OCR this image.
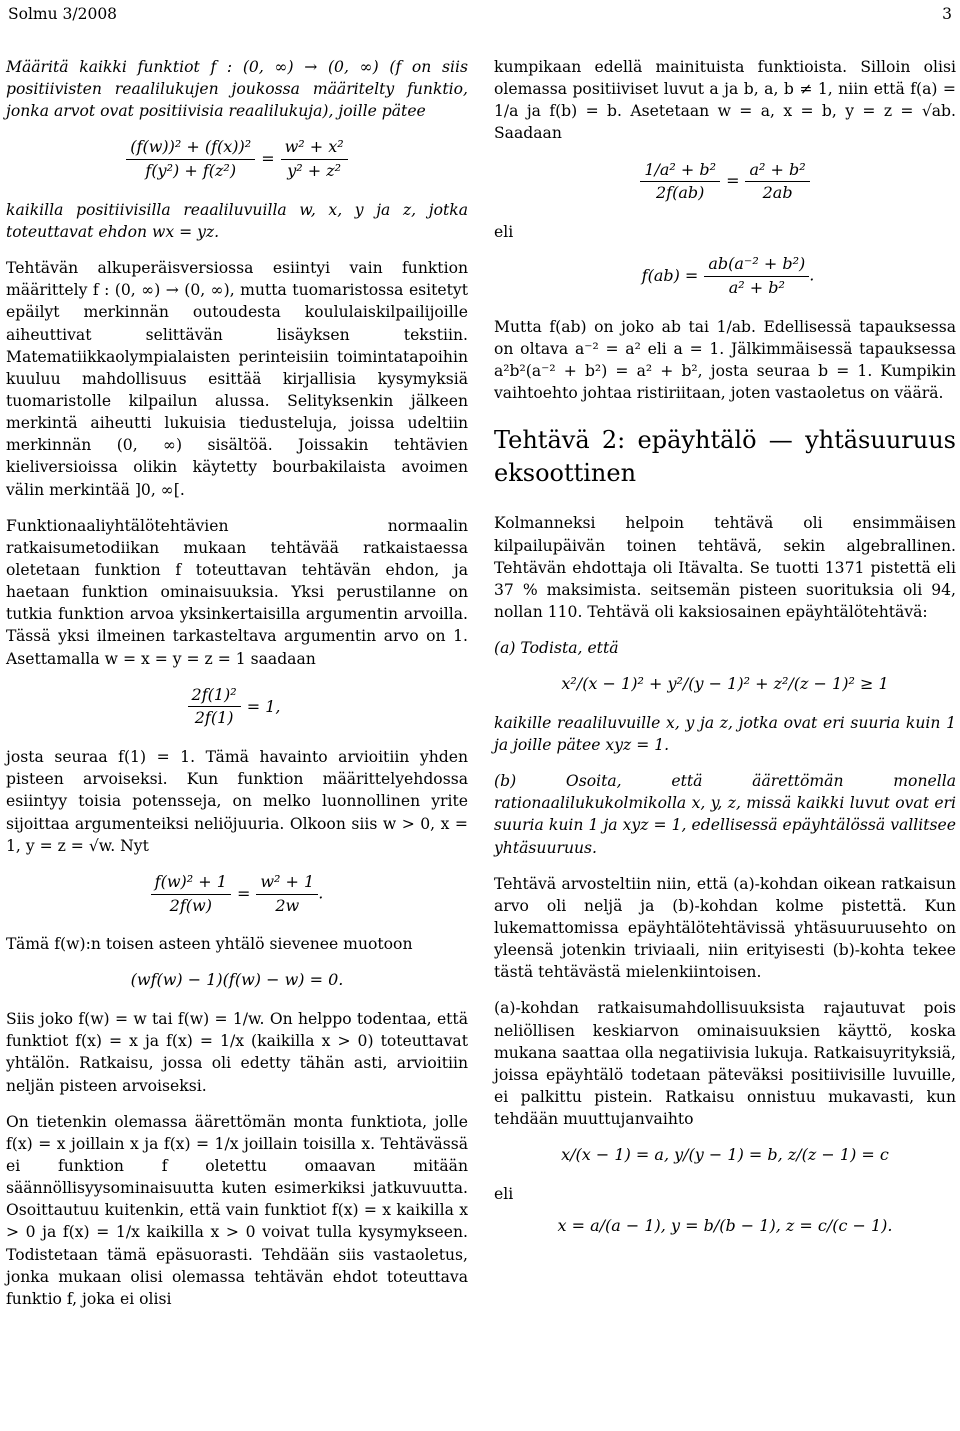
Solmu 3/2008	3

Määritä kaikki funktiot f : (0, ∞) → (0, ∞) (f on siis positiivisten reaalilukujen joukossa määritelty funktio, jonka arvot ovat positiivisia reaalilukuja), joille pätee

$\frac{\text{(f(w))² + (f(x))²}}{\text{f(y²) + f(z²)}} = \frac{\text{w² + x²}}{\text{y² + z²}}$

kaikilla positiivisilla reaaliluvuilla w, x, y ja z, jotka toteuttavat ehdon wx = yz.

Tehtävän alkuperäisversiossa esiintyi vain funktion määrittely f : (0, ∞) → (0, ∞), mutta tuomaristossa esitetyt epäilyt merkinnän outoudesta koululaiskilpailijoille aiheuttivat selittävän lisäyksen tekstiin. Matematiikkaolympialaisten perinteisiin toimintatapoihin kuuluu mahdollisuus esittää kirjallisia kysymyksiä tuomaristolle kilpailun alussa. Selityksenkin jälkeen merkintä aiheutti lukuisia tiedusteluja, joissa udeltiin merkinnän (0, ∞) sisältöä. Joissakin tehtävien kieliversioissa olikin käytetty bourbakilaista avoimen välin merkintää ]0, ∞[.

Funktionaaliyhtälötehtävien normaalin ratkaisumetodiikan mukaan tehtävää ratkaistaessa oletetaan funktion f toteuttavan tehtävän ehdon, ja haetaan funktion ominaisuuksia. Yksi perustilanne on tutkia funktion arvoa yksinkertaisilla argumentin arvoilla. Tässä yksi ilmeinen tarkasteltava argumentin arvo on 1. Asettamalla w = x = y = z = 1 saadaan

$\frac{\text{2f(1)²}}{2f(1)} = 1$,

josta seuraa f(1) = 1. Tämä havainto arvioitiin yhden pisteen arvoiseksi. Kun funktion määrittelyehdossa esiintyy toisia potensseja, on melko luonnollinen yrite sijoittaa argumenteiksi neliöjuuria. Olkoon siis w > 0, x = 1, y = z = √w. Nyt

$\frac{\text{f(w)² + 1}}{2f(w)} = \frac{\text{w² + 1}}{2w}$ .

Tämä f(w):n toisen asteen yhtälö sievenee muotoon

(wf(w) − 1)(f(w) − w) = 0.

Siis joko f(w) = w tai f(w) = 1/w. On helppo todentaa, että funktiot f(x) = x ja f(x) = 1/x (kaikilla x > 0) toteuttavat yhtälön. Ratkaisu, jossa oli edetty tähän asti, arvioitiin neljän pisteen arvoiseksi.

On tietenkin olemassa äärettömän monta funktiota, jolle f(x) = x joillain x ja f(x) = 1/x joillain toisilla x. Tehtävässä ei funktion f oletettu omaavan mitään säännöllisyysominaisuutta kuten esimerkiksi jatkuvuutta. Osoittautuu kuitenkin, että vain funktiot f(x) = x kaikilla x > 0 ja f(x) = 1/x kaikilla x > 0 voivat tulla kysymykseen. Todistetaan tämä epäsuorasti. Tehdään siis vastaoletus, jonka mukaan olisi olemassa tehtävän ehdot toteuttava funktio f, joka ei olisi

kumpikaan edellä mainituista funktioista. Silloin olisi olemassa positiiviset luvut a ja b, a, b ≠ 1, niin että f(a) = 1/a ja f(b) = b. Asetetaan w = a, x = b, y = z = √ab. Saadaan

$\frac{\text{1/a² + b²}}{2f(ab)} = \frac{\text{a² + b²}}{2ab}$
eli
$f(ab) = \frac{\text{ab(a⁻² + b²)}}{\text{a² + b²}}$ .

Mutta f(ab) on joko ab tai 1/ab. Edellisessä tapauksessa on oltava a⁻² = a² eli a = 1. Jälkimmäisessä tapauksessa a²b²(a⁻² + b²) = a² + b², josta seuraa b = 1. Kumpikin vaihtoehto johtaa ristiriitaan, joten vastaoletus on väärä.

Tehtävä 2: epäyhtälö — yhtäsuuruus eksoottinen

Kolmanneksi helpoin tehtävä oli ensimmäisen kilpailupäivän toinen tehtävä, sekin algebrallinen. Tehtävän ehdottaja oli Itävalta. Se tuotti 1371 pistettä eli 37 % maksimista. seitsemän pisteen suorituksia oli 94, nollan 110. Tehtävä oli kaksiosainen epäyhtälötehtävä:

(a) Todista, että

x²/(x − 1)² + y²/(y − 1)² + z²/(z − 1)² ≥ 1

kaikille reaaliluvuille x, y ja z, jotka ovat eri suuria kuin 1 ja joille pätee xyz = 1.

(b) Osoita, että äärettömän monella rationaalilukukolmikolla x, y, z, missä kaikki luvut ovat eri suuria kuin 1 ja xyz = 1, edellisessä epäyhtälössä vallitsee yhtäsuuruus.

Tehtävä arvosteltiin niin, että (a)-kohdan oikean ratkaisun arvo oli neljä ja (b)-kohdan kolme pistettä. Kun lukemattomissa epäyhtälötehtävissä yhtäsuuruusehto on yleensä jotenkin triviaali, niin erityisesti (b)-kohta tekee tästä tehtävästä mielenkiintoisen.

(a)-kohdan ratkaisumahdollisuuksista rajautuvat pois neliöllisen keskiarvon ominaisuuksien käyttö, koska mukana saattaa olla negatiivisia lukuja. Ratkaisuyrityksiä, joissa epäyhtälö todetaan päteväksi positiivisille luvuille, ei palkittu pistein. Ratkaisu onnistuu mukavasti, kun tehdään muuttujanvaihto

x/(x − 1) = a, y/(y − 1) = b, z/(z − 1) = c
eli
x = a/(a − 1), y = b/(b − 1), z = c/(c − 1).
